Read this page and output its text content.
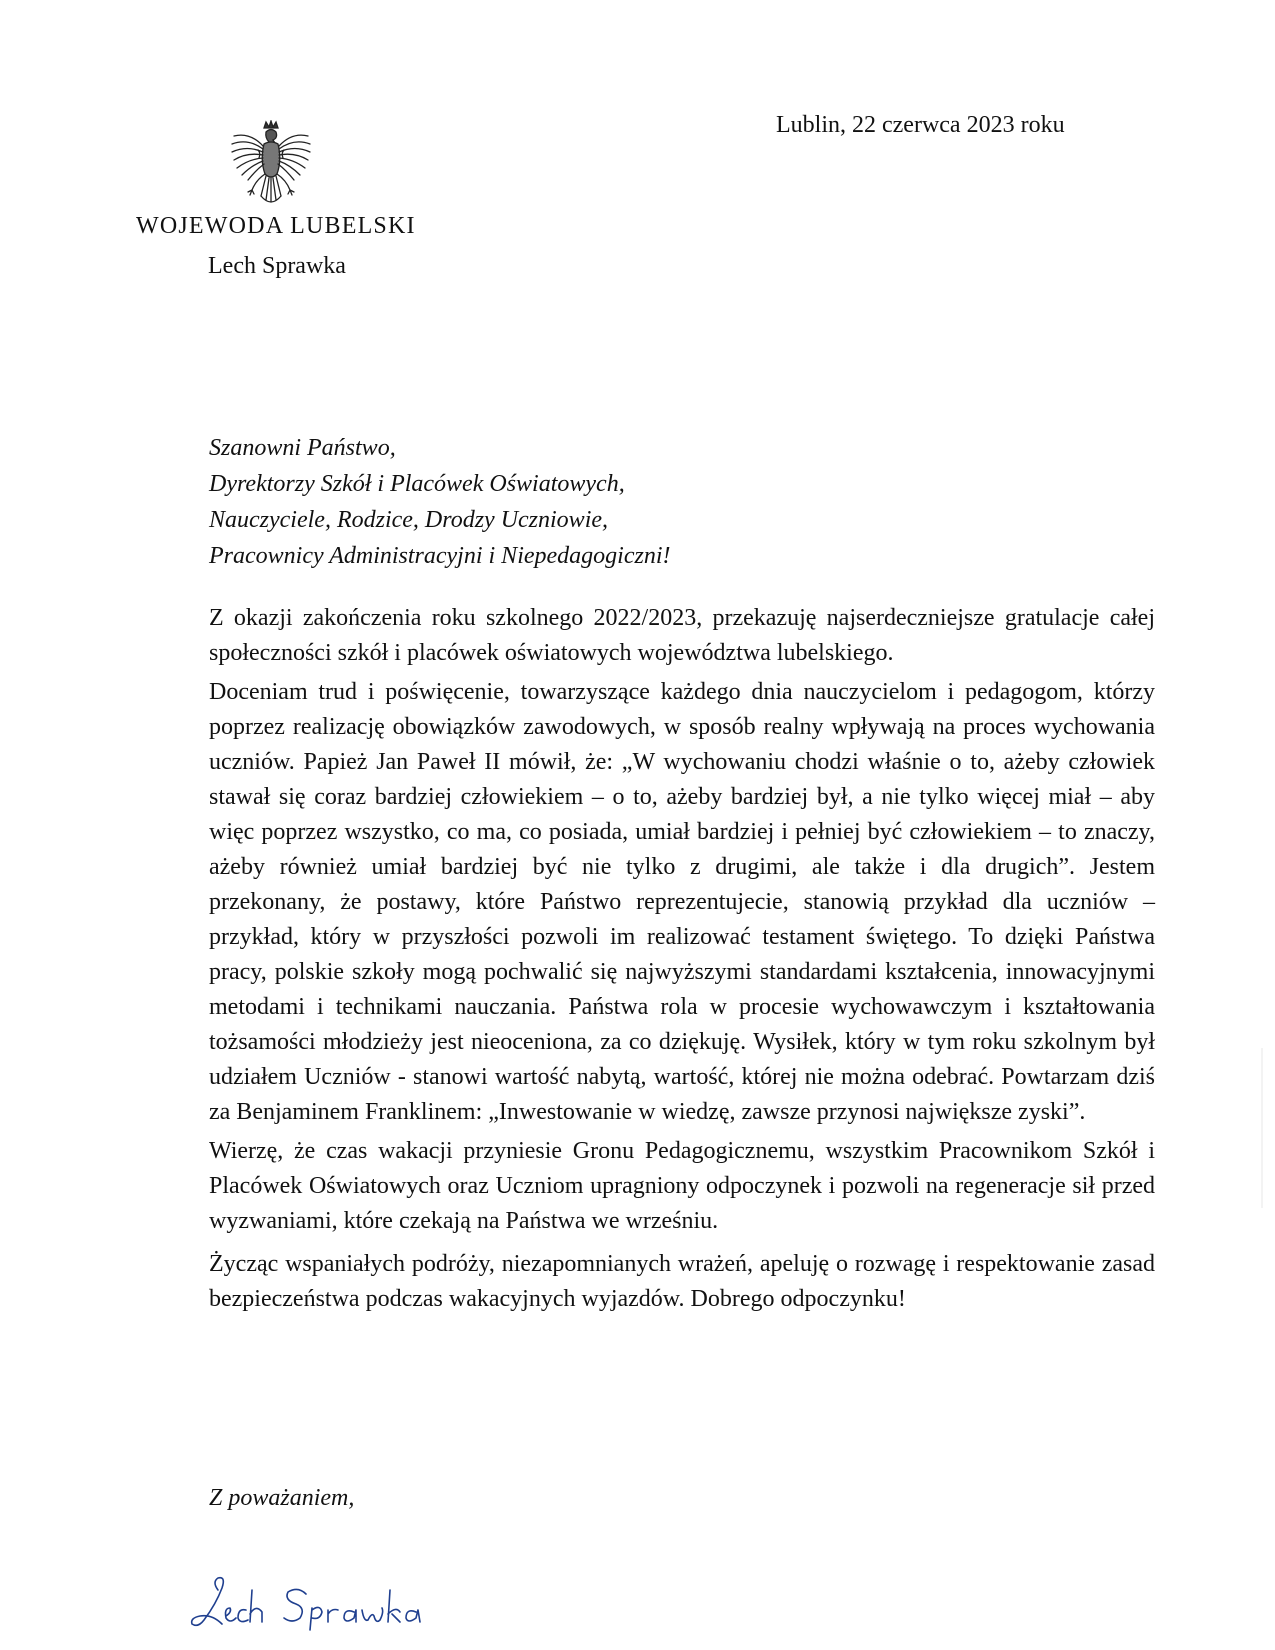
WOJEWODA LUBELSKI
Lech Sprawka
Lublin, 22 czerwca 2023 roku
Szanowni Państwo,
Dyrektorzy Szkół i Placówek Oświatowych,
Nauczyciele, Rodzice, Drodzy Uczniowie,
Pracownicy Administracyjni i Niepedagogiczni!

Z okazji zakończenia roku szkolnego 2022/2023, przekazuję najserdeczniejsze gratulacje całej społeczności szkół i placówek oświatowych województwa lubelskiego.

Doceniam trud i poświęcenie, towarzyszące każdego dnia nauczycielom i pedagogom, którzy poprzez realizację obowiązków zawodowych, w sposób realny wpływają na proces wychowania uczniów. Papież Jan Paweł II mówił, że: „W wychowaniu chodzi właśnie o to, ażeby człowiek stawał się coraz bardziej człowiekiem – o to, ażeby bardziej był, a nie tylko więcej miał – aby więc poprzez wszystko, co ma, co posiada, umiał bardziej i pełniej być człowiekiem – to znaczy, ażeby również umiał bardziej być nie tylko z drugimi, ale także i dla drugich”. Jestem przekonany, że postawy, które Państwo reprezentujecie, stanowią przykład dla uczniów – przykład, który w przyszłości pozwoli im realizować testament świętego. To dzięki Państwa pracy, polskie szkoły mogą pochwalić się najwyższymi standardami kształcenia, innowacyjnymi metodami i technikami nauczania. Państwa rola w procesie wychowawczym i kształtowania tożsamości młodzieży jest nieoceniona, za co dziękuję. Wysiłek, który w tym roku szkolnym był udziałem Uczniów - stanowi wartość nabytą, wartość, której nie można odebrać. Powtarzam dziś za Benjaminem Franklinem: „Inwestowanie w wiedzę, zawsze przynosi największe zyski”.

Wierzę, że czas wakacji przyniesie Gronu Pedagogicznemu, wszystkim Pracownikom Szkół i Placówek Oświatowych oraz Uczniom upragniony odpoczynek i pozwoli na regeneracje sił przed wyzwaniami, które czekają na Państwa we wrześniu.

Życząc wspaniałych podróży, niezapomnianych wrażeń, apeluję o rozwagę i respektowanie zasad bezpieczeństwa podczas wakacyjnych wyjazdów. Dobrego odpoczynku!

Z poważaniem,
